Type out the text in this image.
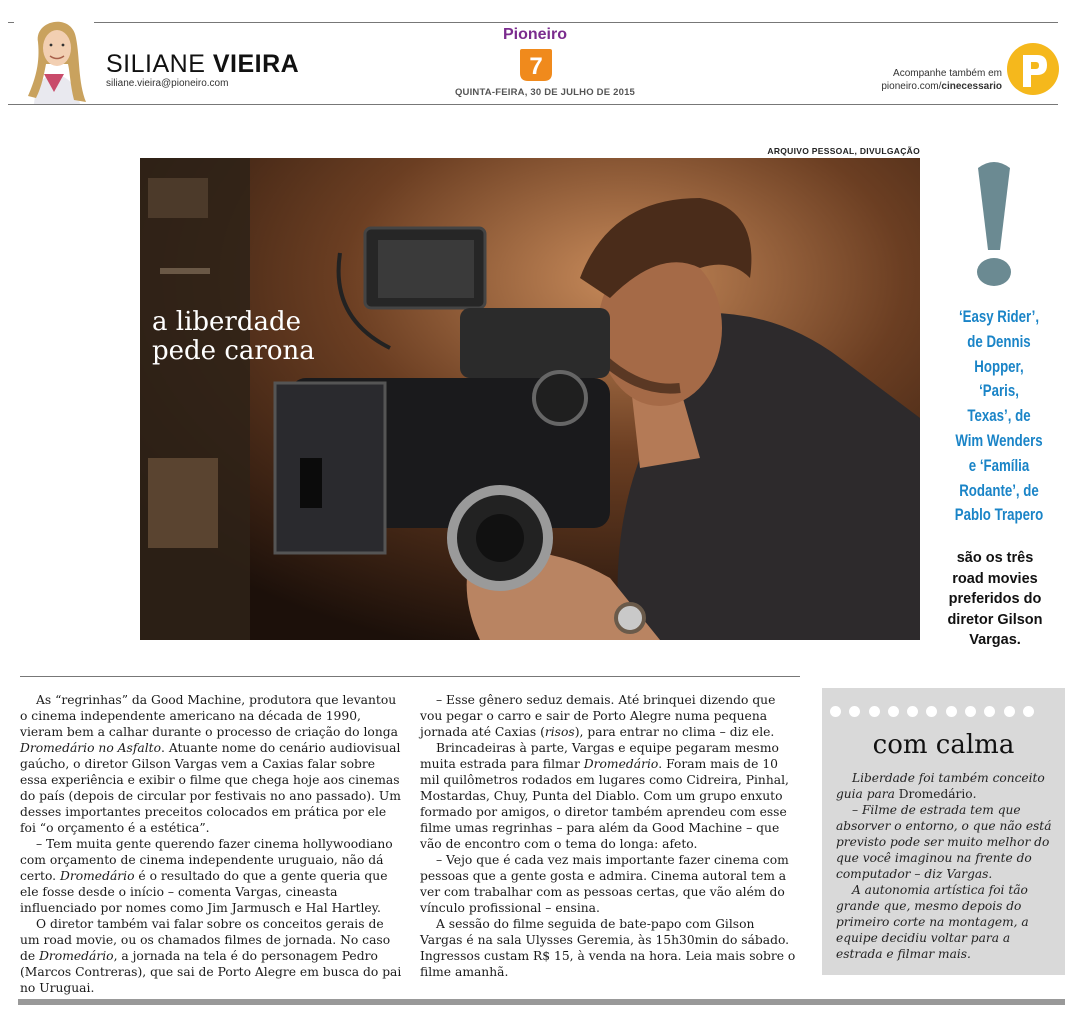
SILIANE VIEIRA
siliane.vieira@pioneiro.com
Pioneiro
7
QUINTA-FEIRA, 30 DE JULHO DE 2015
Acompanhe também em
pioneiro.com/cinecessario
ARQUIVO PESSOAL, DIVULGAÇÃO
a liberdade
pede carona
‘Easy Rider’,
de Dennis
Hopper,
‘Paris,
Texas’, de
Wim Wenders
e ‘Família
Rodante’, de
Pablo Trapero
são os três
road movies
preferidos do
diretor Gilson
Vargas.

As “regrinhas” da Good Machine, produtora que levantou o cinema independente americano na década de 1990, vieram bem a calhar durante o processo de criação do longa Dromedário no Asfalto. Atuante nome do cenário audiovisual gaúcho, o diretor Gilson Vargas vem a Caxias falar sobre essa experiência e exibir o filme que chega hoje aos cinemas do país (depois de circular por festivais no ano passado). Um desses importantes preceitos colocados em prática por ele foi “o orçamento é a estética”.

– Tem muita gente querendo fazer cinema hollywoodiano com orçamento de cinema independente uruguaio, não dá certo. Dromedário é o resultado do que a gente queria que ele fosse desde o início – comenta Vargas, cineasta influenciado por nomes como Jim Jarmusch e Hal Hartley.

O diretor também vai falar sobre os conceitos gerais de um road movie, ou os chamados filmes de jornada. No caso de Dromedário, a jornada na tela é do personagem Pedro (Marcos Contreras), que sai de Porto Alegre em busca do pai no Uruguai.

– Esse gênero seduz demais. Até brinquei dizendo que vou pegar o carro e sair de Porto Alegre numa pequena jornada até Caxias (risos), para entrar no clima – diz ele.

Brincadeiras à parte, Vargas e equipe pegaram mesmo muita estrada para filmar Dromedário. Foram mais de 10 mil quilômetros rodados em lugares como Cidreira, Pinhal, Mostardas, Chuy, Punta del Diablo. Com um grupo enxuto formado por amigos, o diretor também aprendeu com esse filme umas regrinhas – para além da Good Machine – que vão de encontro com o tema do longa: afeto.

– Vejo que é cada vez mais importante fazer cinema com pessoas que a gente gosta e admira. Cinema autoral tem a ver com trabalhar com as pessoas certas, que vão além do vínculo profissional – ensina.

A sessão do filme seguida de bate-papo com Gilson Vargas é na sala Ulysses Geremia, às 15h30min do sábado. Ingressos custam R$ 15, à venda na hora. Leia mais sobre o filme amanhã.

com calma

Liberdade foi também conceito guia para Dromedário.

– Filme de estrada tem que absorver o entorno, o que não está previsto pode ser muito melhor do que você imaginou na frente do computador – diz Vargas.

A autonomia artística foi tão grande que, mesmo depois do primeiro corte na montagem, a equipe decidiu voltar para a estrada e filmar mais.
